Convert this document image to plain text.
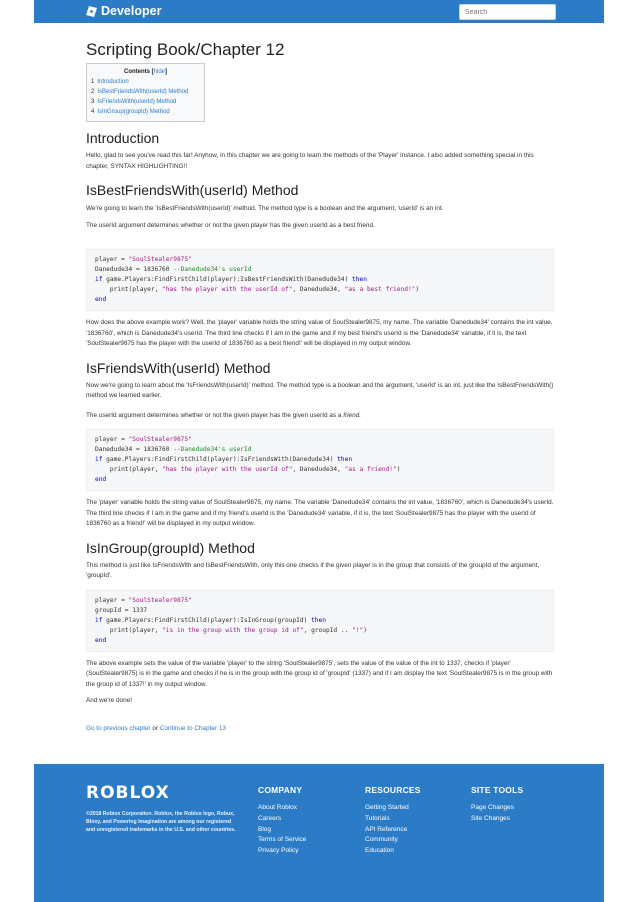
Developer
Search
Scripting Book/Chapter 12
Contents [hide]
1 Introduction
2 IsBestFriendsWith(userId) Method
3 IsFriendsWith(userId) Method
4 IsInGroup(groupId) Method
Introduction

Hello, glad to see you've read this far! Anyhow, in this chapter we are going to learn the methods of the 'Player' instance. I also added something special in this chapter, SYNTAX HIGHLIGHTING!!

IsBestFriendsWith(userId) Method

We're going to learn the 'IsBestFriendsWith(userId)' method. The method type is a boolean and the argument, 'userId' is an int.

The userId argument determines whether or not the given player has the given userId as a best friend.

player = "SoulStealer9875"
Danedude34 = 1836760 --Danedude34's userId
if game.Players:FindFirstChild(player):IsBestFriendsWith(Danedude34) then
print(player, "has the player with the userId of", Danedude34, "as a best friend!")
end

How does the above example work? Well, the 'player' variable holds the string value of SoulStealer9875, my name. The variable 'Danedude34' contains the int value, '1836760', which is Danedude34's userId. The third line checks if I am in the game and if my best friend's userId is the 'Danedude34' variable, if it is, the text 'SoulStealer9875 has the player with the userId of 1836760 as a best friend!' will be displayed in my output window.

IsFriendsWith(userId) Method

Now we're going to learn about the 'IsFriendsWith(userId)' method. The method type is a boolean and the argument, 'userId' is an int, just like the IsBestFriendsWith() method we learned earlier.

The userId argument determines whether or not the given player has the given userId as a friend.

player = "SoulStealer9875"
Danedude34 = 1836760 --Danedude34's userId
if game.Players:FindFirstChild(player):IsFriendsWith(Danedude34) then
print(player, "has the player with the userId of", Danedude34, "as a friend!")
end

The 'player' variable holds the string value of SoulStealer9875, my name. The variable 'Danedude34' contains the int value, '1836760', which is Danedude34's userId. The third line checks if I am in the game and if my friend's userId is the 'Danedude34' variable, if it is, the text 'SoulStealer9875 has the player with the userId of 1836760 as a friend!' will be displayed in my output window.

IsInGroup(groupId) Method

This method is just like IsFriendsWith and IsBestFriendsWith, only this one checks if the given player is in the group that consists of the groupId of the argument, 'groupId'.

player = "SoulStealer9875"
groupId = 1337
if game.Players:FindFirstChild(player):IsInGroup(groupId) then
print(player, "is in the group with the group id of", groupId .. "!")
end

The above example sets the value of the variable 'player' to the string 'SoulStealer9875', sets the value of the value of the int to 1337, checks if 'player' (SoulStealer9875) is in the game and checks if he is in the group with the group id of 'groupId' (1337) and if I am display the text 'SoulStealer9875 is in the group with the group id of 1337!' in my output window.

And we're done!

Go to previous chapter or Continue to Chapter 13

ROBLOX
©2018 Roblox Corporation. Roblox, the Roblox logo, Robux, Bloxy, and Powering Imagination are among our registered and unregistered trademarks in the U.S. and other countries.
COMPANY
About Roblox
Careers
Blog
Terms of Service
Privacy Policy
RESOURCES
Getting Started
Tutorials
API Reference
Community
Education
SITE TOOLS
Page Changes
Site Changes
